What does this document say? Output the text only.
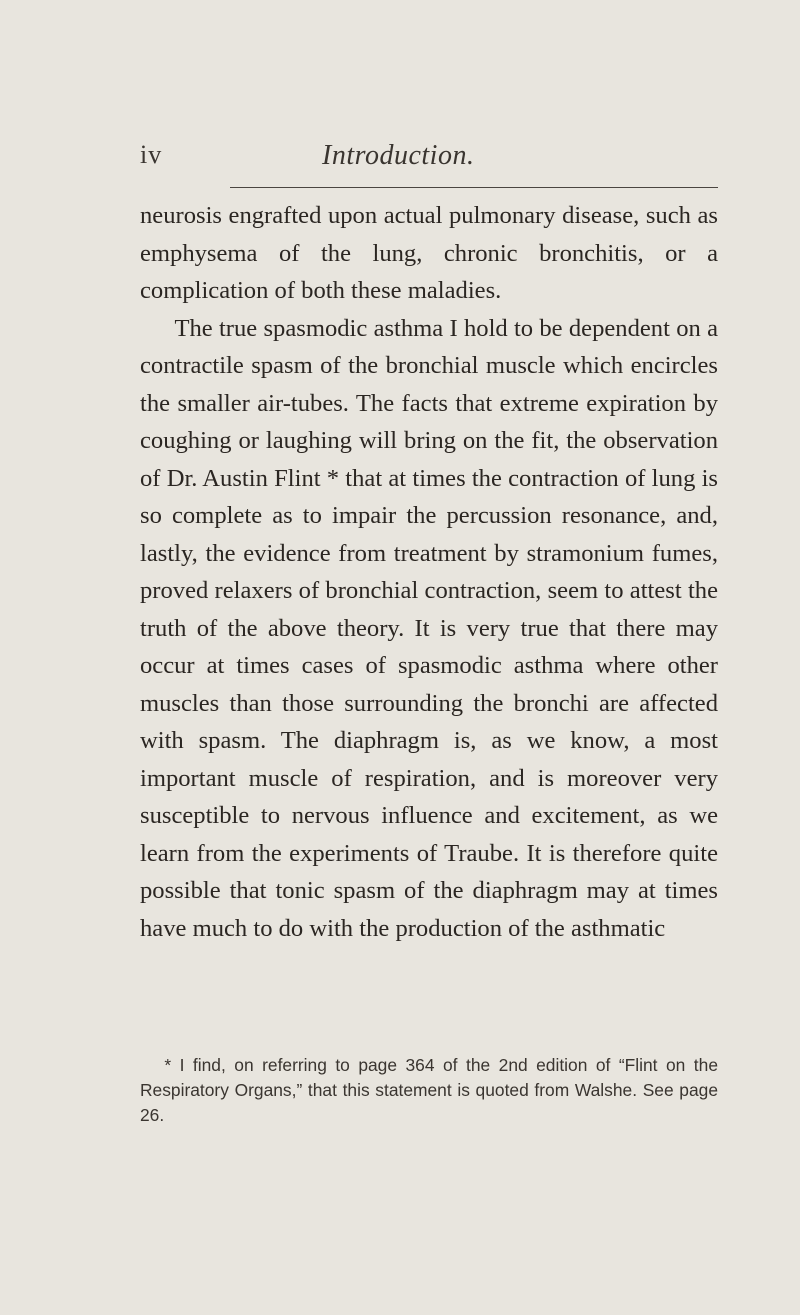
iv	Introduction.

neurosis engrafted upon actual pulmonary disease, such as emphysema of the lung, chronic bronchitis, or a complication of both these maladies.

The true spasmodic asthma I hold to be dependent on a contractile spasm of the bronchial muscle which encircles the smaller air-tubes. The facts that extreme expiration by coughing or laughing will bring on the fit, the observation of Dr. Austin Flint * that at times the contraction of lung is so complete as to impair the percussion resonance, and, lastly, the evidence from treatment by stramonium fumes, proved relaxers of bronchial contraction, seem to attest the truth of the above theory. It is very true that there may occur at times cases of spasmodic asthma where other muscles than those surrounding the bronchi are affected with spasm. The diaphragm is, as we know, a most important muscle of respiration, and is moreover very susceptible to nervous influence and excitement, as we learn from the experiments of Traube. It is therefore quite possible that tonic spasm of the diaphragm may at times have much to do with the production of the asthmatic

* I find, on referring to page 364 of the 2nd edition of “Flint on the Respiratory Organs,” that this statement is quoted from Walshe. See page 26.
